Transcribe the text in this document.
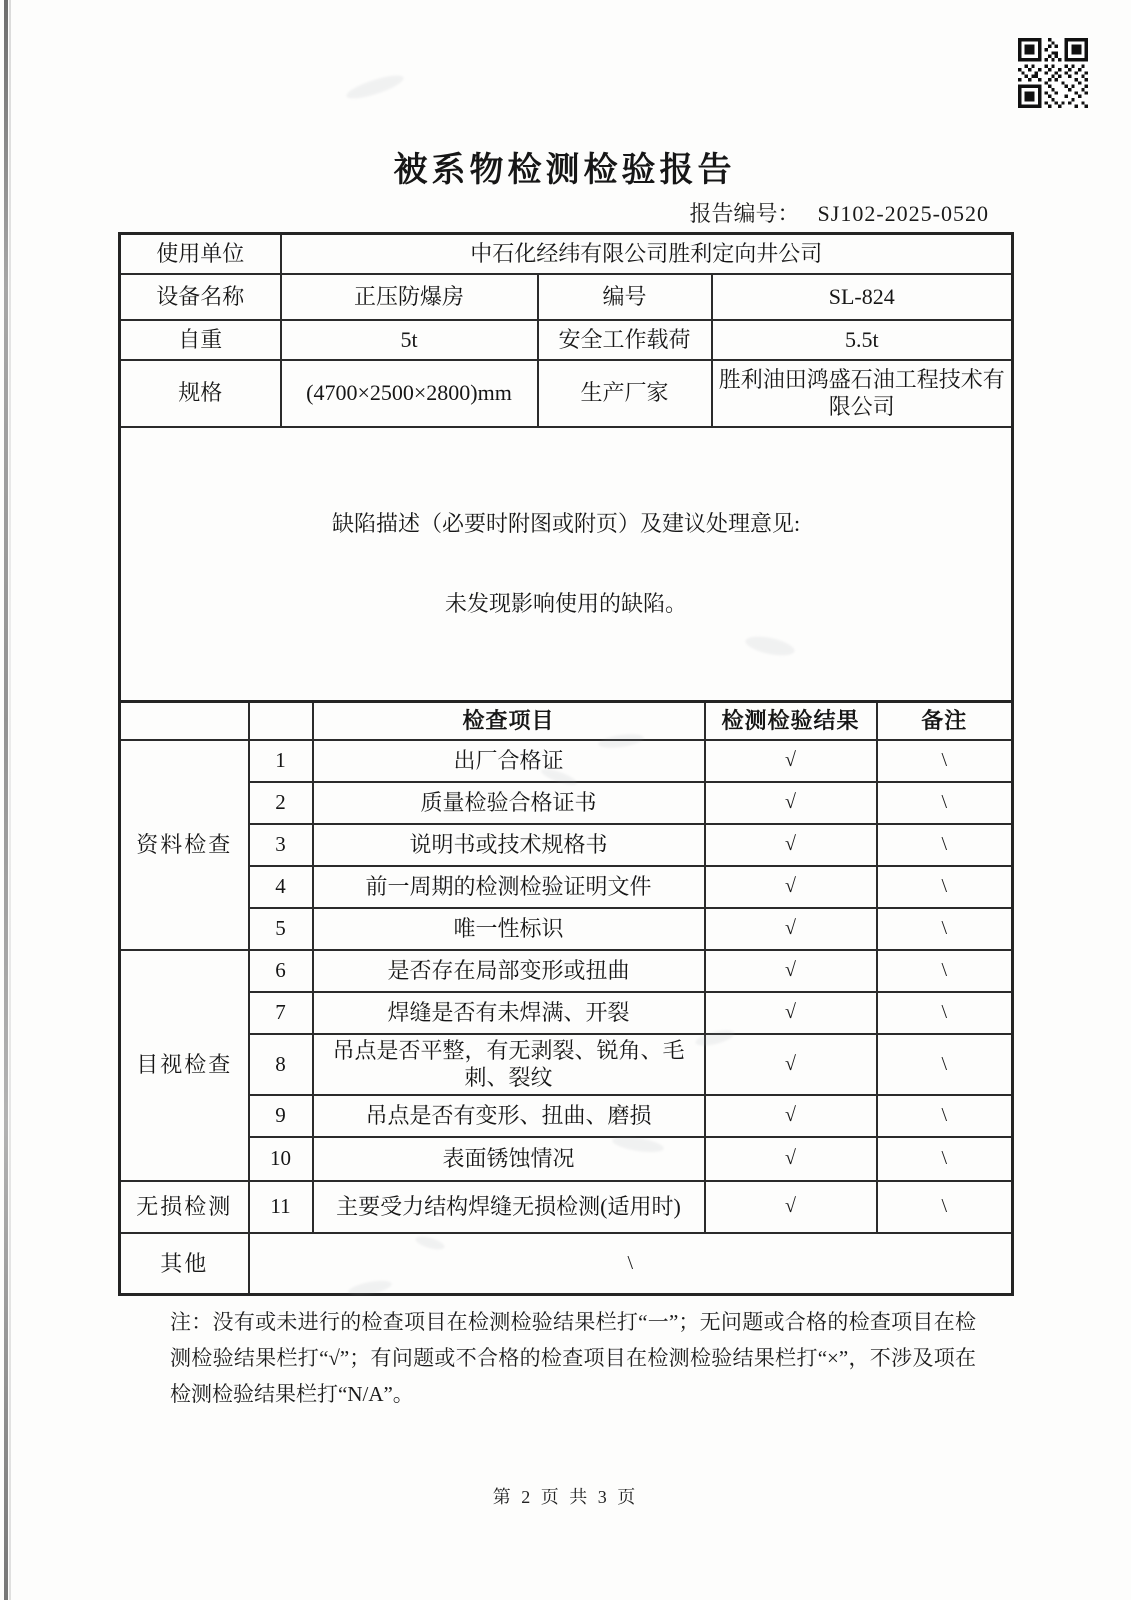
被系物检测检验报告
报告编号： SJ102-2025-0520
使用单位	中石化经纬有限公司胜利定向井公司		
设备名称	正压防爆房	编号	SL-824
自重	5t	安全工作载荷	5.5t
规格	(4700×2500×2800)mm	生产厂家	胜利油田鸿盛石油工程技术有限公司

缺陷描述（必要时附图或附页）及建议处理意见:
未发现影响使用的缺陷。			
		检查项目	检测检验结果	备注
资料检查	1	出厂合格证	√	\
	2	质量检验合格证书	√	\
	3	说明书或技术规格书	√	\
	4	前一周期的检测检验证明文件	√	\
	5	唯一性标识	√	\
目视检查	6	是否存在局部变形或扭曲	√	\
	7	焊缝是否有未焊满、开裂	√	\
	8	吊点是否平整，有无剥裂、锐角、毛刺、裂纹	√	\
	9	吊点是否有变形、扭曲、磨损	√	\
	10	表面锈蚀情况	√	\
无损检测	11	主要受力结构焊缝无损检测(适用时)	√	\
其他	\			
注：没有或未进行的检查项目在检测检验结果栏打“一”；无问题或合格的检查项目在检测检验结果栏打“√”；有问题或不合格的检查项目在检测检验结果栏打“×”，不涉及项在检测检验结果栏打“N/A”。
第 2 页 共 3 页
